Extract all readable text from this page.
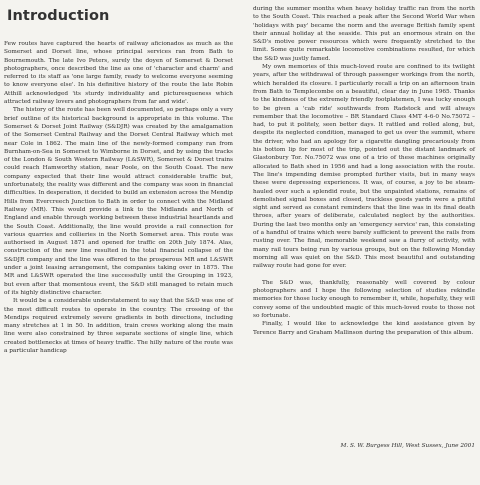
Introduction

Few routes have captured the hearts of railway aficionados as much as the Somerset and Dorset line, whose principal services ran from Bath to Bournemouth. The late Ivo Peters, surely the doyen of Somerset & Dorset photographers, once described the line as one of 'character and charm' and referred to its staff as 'one large family, ready to welcome everyone seeming to know everyone else'. In his definitive history of the route the late Robin Atthill acknowledged 'its sturdy individuality and picturesqueness which attracted railway lovers and photographers from far and wide'.

The history of the route has been well documented, so perhaps only a very brief outline of its historical background is appropriate in this volume. The Somerset & Dorset Joint Railway (S&DJR) was created by the amalgamation of the Somerset Central Railway and the Dorset Central Railway which met near Cole in 1862. The main line of the newly-formed company ran from Burnham-on-Sea in Somerset to Wimborne in Dorset, and by using the tracks of the London & South Western Railway (L&SWR), Somerset & Dorset trains could reach Hamworthy station, near Poole, on the South Coast. The new company expected that their line would attract considerable traffic but, unfortunately, the reality was different and the company was soon in financial difficulties. In desperation, it decided to build an extension across the Mendip Hills from Evercreech Junction to Bath in order to connect with the Midland Railway (MR). This would provide a link to the Midlands and North of England and enable through working between these industrial heartlands and the South Coast. Additionally, the line would provide a rail connection for various quarries and collieries in the North Somerset area. This route was authorised in August 1871 and opened for traffic on 20th July 1874. Alas, construction of the new line resulted in the total financial collapse of the S&DJR company and the line was offered to the prosperous MR and L&SWR under a joint leasing arrangement, the companies taking over in 1875. The MR and L&SWR operated the line successfully until the Grouping in 1923, but even after that momentous event, the S&D still managed to retain much of its highly distinctive character.

It would be a considerable understatement to say that the S&D was one of the most difficult routes to operate in the country. The crossing of the Mendips required extremely severe gradients in both directions, including many stretches at 1 in 50. In addition, train crews working along the main line were also constrained by three separate sections of single line, which created bottlenecks at times of heavy traffic. The hilly nature of the route was a particular handicap

during the summer months when heavy holiday traffic ran from the north to the South Coast. This reached a peak after the Second World War when 'holidays with pay' became the norm and the average British family spent their annual holiday at the seaside. This put an enormous strain on the S&D's motive power resources which were frequently stretched to the limit. Some quite remarkable locomotive combinations resulted, for which the S&D was justly famed.

My own memories of this much-loved route are confined to its twilight years, after the withdrawal of through passenger workings from the north, which heralded its closure. I particularly recall a trip on an afternoon train from Bath to Templecombe on a beautiful, clear day in June 1965. Thanks to the kindness of the extremely friendly footplatemen, I was lucky enough to be given a 'cab ride' southwards from Radstock and will always remember that the locomotive – BR Standard Class 4MT 4-6-0 No.75072 – had, to put it politely, seen better days. It rattled and rolled along, but, despite its neglected condition, managed to get us over the summit, where the driver, who had an apology for a cigarette dangling precariously from his bottom lip for most of the trip, pointed out the distant landmark of Glastonbury Tor. No.75072 was one of a trio of these machines originally allocated to Bath shed in 1956 and had a long association with the route. The line's impending demise prompted further visits, but in many ways these were depressing experiences. It was, of course, a joy to be steam-hauled over such a splendid route, but the unpainted stations, remains of demolished signal boxes and closed, trackless goods yards were a pitiful sight and served as constant reminders that the line was in its final death throes, after years of deliberate, calculated neglect by the authorities. During the last two months only an 'emergency service' ran, this consisting of a handful of trains which were barely sufficient to prevent the rails from rusting over. The final, memorable weekend saw a flurry of activity, with many rail tours being run by various groups, but on the following Monday morning all was quiet on the S&D. This most beautiful and outstanding railway route had gone for ever.

The S&D was, thankfully, reasonably well covered by colour photographers and I hope the following selection of studies rekindle memories for those lucky enough to remember it, while, hopefully, they will convey some of the undoubted magic of this much-loved route to those not so fortunate.

Finally, I would like to acknowledge the kind assistance given by Terence Barry and Graham Mallinson during the preparation of this album.

M. S. W. Burgess Hill, West Sussex, June 2001
